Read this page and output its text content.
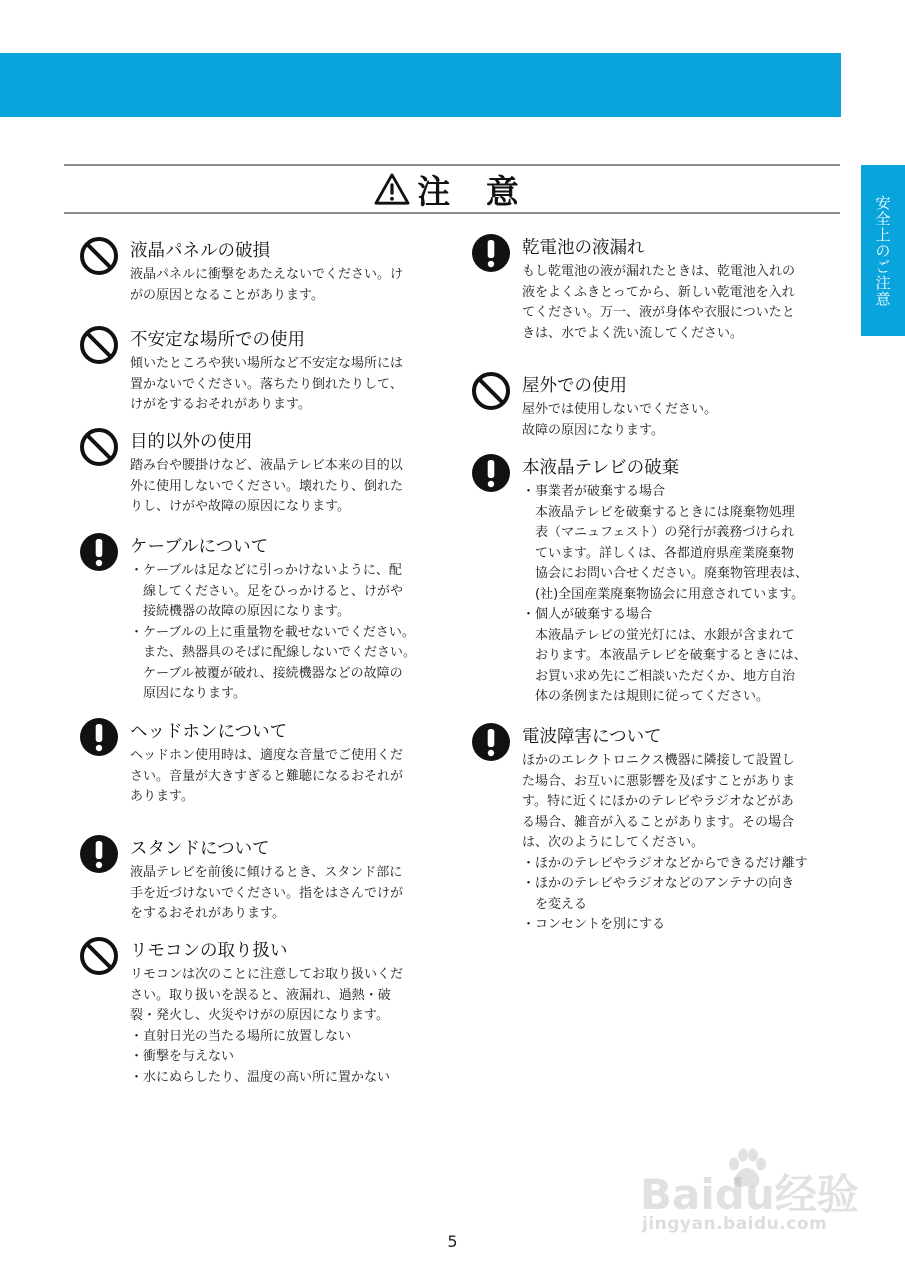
安全上のご注意
注 意
液晶パネルの破損

液晶パネルに衝撃をあたえないでください。け

がの原因となることがあります。

不安定な場所での使用

傾いたところや狭い場所など不安定な場所には

置かないでください。落ちたり倒れたりして、

けがをするおそれがあります。

目的以外の使用

踏み台や腰掛けなど、液晶テレビ本来の目的以

外に使用しないでください。壊れたり、倒れた

りし、けがや故障の原因になります。

ケーブルについて
・ ケーブルは足などに引っかけないように、配
線してください。足をひっかけると、けがや
接続機器の故障の原因になります。
・ ケーブルの上に重量物を載せないでください。
また、熱器具のそばに配線しないでください。
ケーブル被覆が破れ、接続機器などの故障の
原因になります。
ヘッドホンについて

ヘッドホン使用時は、適度な音量でご使用くだ

さい。音量が大きすぎると難聴になるおそれが

あります。

スタンドについて

液晶テレビを前後に傾けるとき、スタンド部に

手を近づけないでください。指をはさんでけが

をするおそれがあります。

リモコンの取り扱い

リモコンは次のことに注意してお取り扱いくだ

さい。取り扱いを誤ると、液漏れ、過熱・破

裂・発火し、火災やけがの原因になります。

・ 直射日光の当たる場所に放置しない
・ 衝撃を与えない
・ 水にぬらしたり、温度の高い所に置かない
乾電池の液漏れ

もし乾電池の液が漏れたときは、乾電池入れの

液をよくふきとってから、新しい乾電池を入れ

てください。万一、液が身体や衣服についたと

きは、水でよく洗い流してください。

屋外での使用

屋外では使用しないでください。

故障の原因になります。

本液晶テレビの破棄
・ 事業者が破棄する場合
本液晶テレビを破棄するときには廃棄物処理
表（マニュフェスト）の発行が義務づけられ
ています。詳しくは、各都道府県産業廃棄物
協会にお問い合せください。廃棄物管理表は、
(社)全国産業廃棄物協会に用意されています。
・ 個人が破棄する場合
本液晶テレビの蛍光灯には、水銀が含まれて
おります。本液晶テレビを破棄するときには、
お買い求め先にご相談いただくか、地方自治
体の条例または規則に従ってください。
電波障害について

ほかのエレクトロニクス機器に隣接して設置し

た場合、お互いに悪影響を及ぼすことがありま

す。特に近くにほかのテレビやラジオなどがあ

る場合、雑音が入ることがあります。その場合

は、次のようにしてください。

・ ほかのテレビやラジオなどからできるだけ離す
・ ほかのテレビやラジオなどのアンテナの向き
を変える
・ コンセントを別にする
Baidu经验
jingyan.baidu.com
5
